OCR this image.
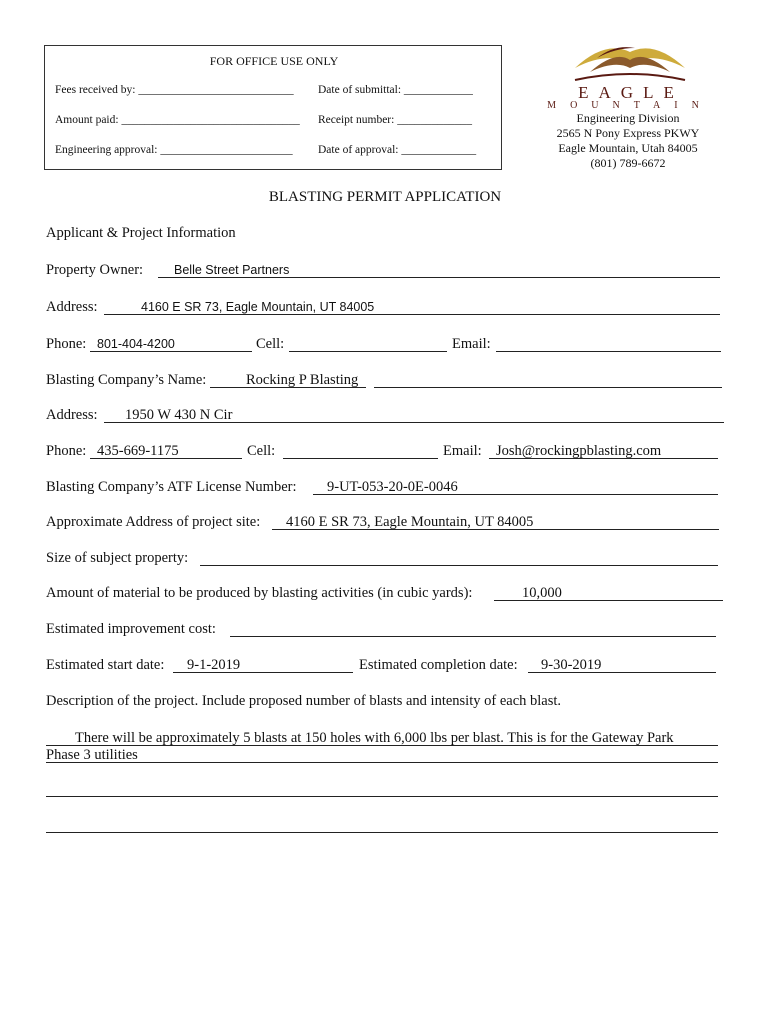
FOR OFFICE USE ONLY
Fees received by: ___________________________ Date of submittal: ____________
Amount paid: _______________________________ Receipt number: _____________
Engineering approval: _______________________ Date of approval: _____________
EAGLE
MOUNTAIN
Engineering Division
2565 N Pony Express PKWY
Eagle Mountain, Utah 84005
(801) 789-6672
BLASTING PERMIT APPLICATION
Applicant & Project Information
Property Owner: Belle Street Partners
Address:	4160 E SR 73, Eagle Mountain, UT 84005
Phone: 801-404-4200	Cell:	Email:
Blasting Company’s Name:	Rocking P Blasting
Address: 1950 W 430 N Cir
Phone: 435-669-1175	Cell:	Email: Josh@rockingpblasting.com
Blasting Company’s ATF License Number: 9-UT-053-20-0E-0046
Approximate Address of project site: 4160 E SR 73, Eagle Mountain, UT 84005
Size of subject property:
Amount of material to be produced by blasting activities (in cubic yards):	10,000
Estimated improvement cost:
Estimated start date: 9-1-2019	Estimated completion date: 9-30-2019
Description of the project. Include proposed number of blasts and intensity of each blast.
There will be approximately 5 blasts at 150 holes with 6,000 lbs per blast. This is for the Gateway Park
Phase 3 utilities
